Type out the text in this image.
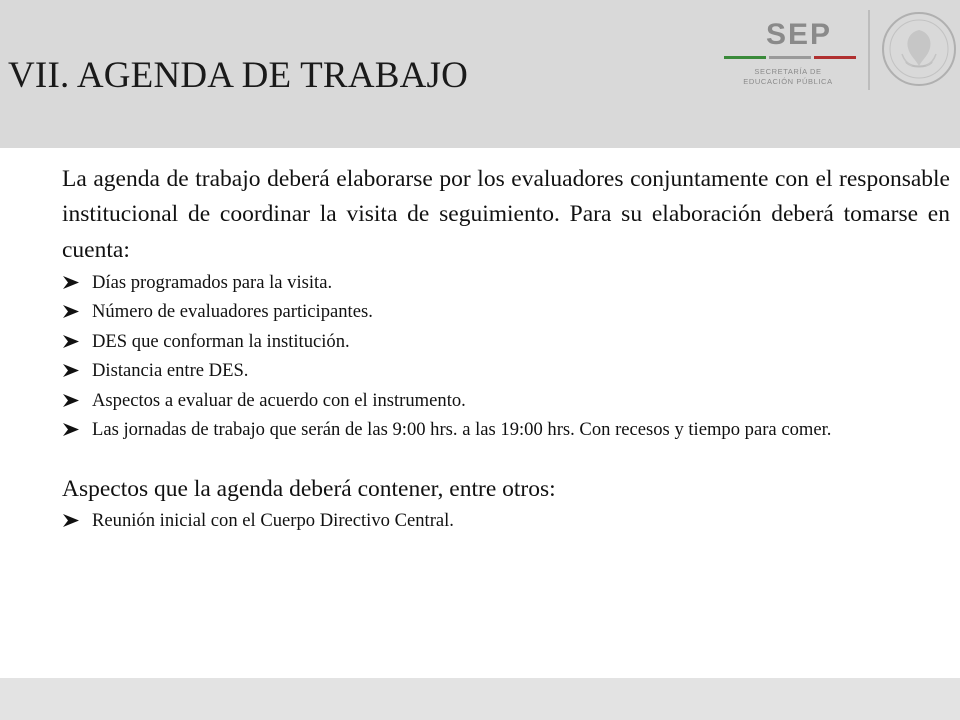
VII. AGENDA DE TRABAJO
SEP
SECRETARÍA DE
EDUCACIÓN PÚBLICA

La agenda de trabajo deberá elaborarse por los evaluadores conjuntamente con el responsable institucional de coordinar la visita de seguimiento. Para su elaboración deberá tomarse en cuenta:

Días programados para la visita.
Número de evaluadores participantes.
DES que conforman la institución.
Distancia entre DES.
Aspectos a evaluar de acuerdo con el instrumento.
Las jornadas de trabajo que serán de las 9:00 hrs. a las 19:00 hrs. Con recesos y tiempo para comer.
Aspectos que la agenda deberá contener, entre otros:
Reunión inicial con el Cuerpo Directivo Central.
